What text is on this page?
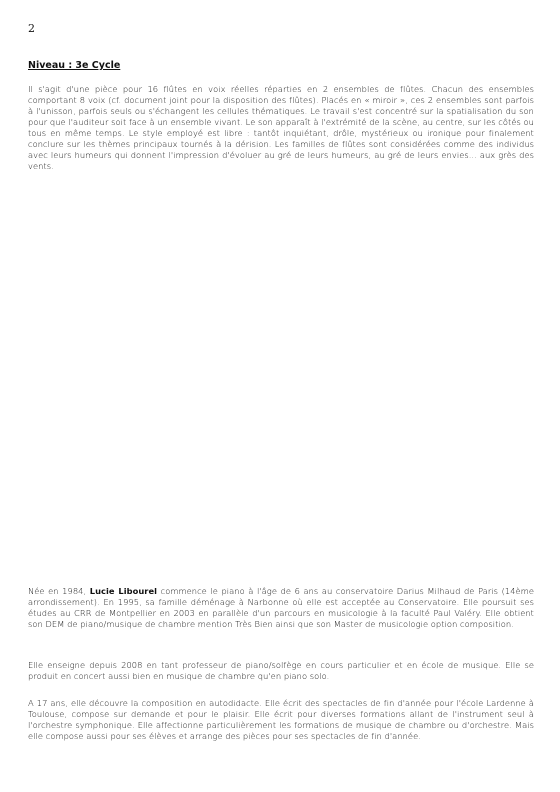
2
Niveau : 3e Cycle

Il s'agit d'une pièce pour 16 flûtes en voix réelles réparties en 2 ensembles de flûtes. Chacun des ensembles comportant 8 voix (cf. document joint pour la disposition des flûtes). Placés en « miroir », ces 2 ensembles sont parfois à l'unisson, parfois seuls ou s'échangent les cellules thématiques. Le travail s'est concentré sur la spatialisation du son pour que l'auditeur soit face à un ensemble vivant. Le son apparaît à l'extrémité de la scène, au centre, sur les côtés ou tous en même temps. Le style employé est libre : tantôt inquiétant, drôle, mystérieux ou ironique pour finalement conclure sur les thèmes principaux tournés à la dérision. Les familles de flûtes sont considérées comme des individus avec leurs humeurs qui donnent l'impression d'évoluer au gré de leurs humeurs, au gré de leurs envies... aux grès des vents.

Née en 1984, Lucie Libourel commence le piano à l'âge de 6 ans au conservatoire Darius Milhaud de Paris (14ème arrondissement). En 1995, sa famille déménage à Narbonne où elle est acceptée au Conservatoire. Elle poursuit ses études au CRR de Montpellier en 2003 en parallèle d'un parcours en musicologie à la faculté Paul Valéry. Elle obtient son DEM de piano/musique de chambre mention Très Bien ainsi que son Master de musicologie option composition.

Elle enseigne depuis 2008 en tant professeur de piano/solfège en cours particulier et en école de musique. Elle se produit en concert aussi bien en musique de chambre qu'en piano solo.

A 17 ans, elle découvre la composition en autodidacte. Elle écrit des spectacles de fin d'année pour l'école Lardenne à Toulouse, compose sur demande et pour le plaisir. Elle écrit pour diverses formations allant de l'instrument seul à l'orchestre symphonique. Elle affectionne particulièrement les formations de musique de chambre ou d'orchestre. Mais elle compose aussi pour ses élèves et arrange des pièces pour ses spectacles de fin d'année.
